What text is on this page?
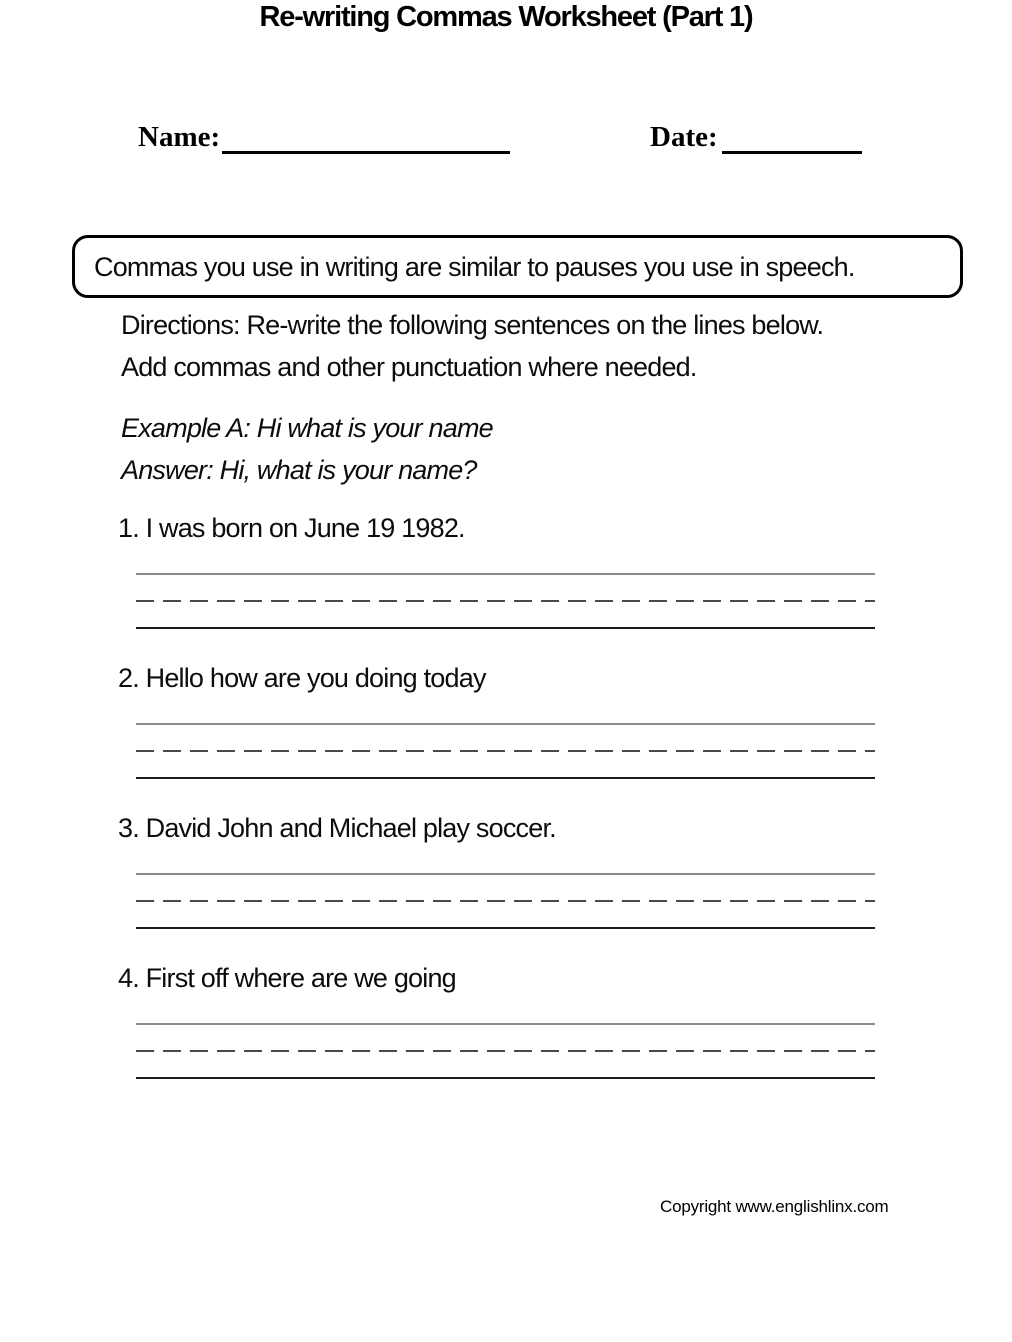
Name:	Date:
Re-writing Commas Worksheet (Part 1)
Commas you use in writing are similar to pauses you use in speech.
Directions: Re-write the following sentences on the lines below.
Add commas and other punctuation where needed.
Example A: Hi what is your name
Answer: Hi, what is your name?
1. I was born on June 19 1982.
2. Hello how are you doing today
3. David John and Michael play soccer.
4. First off where are we going
Copyright www.englishlinx.com
